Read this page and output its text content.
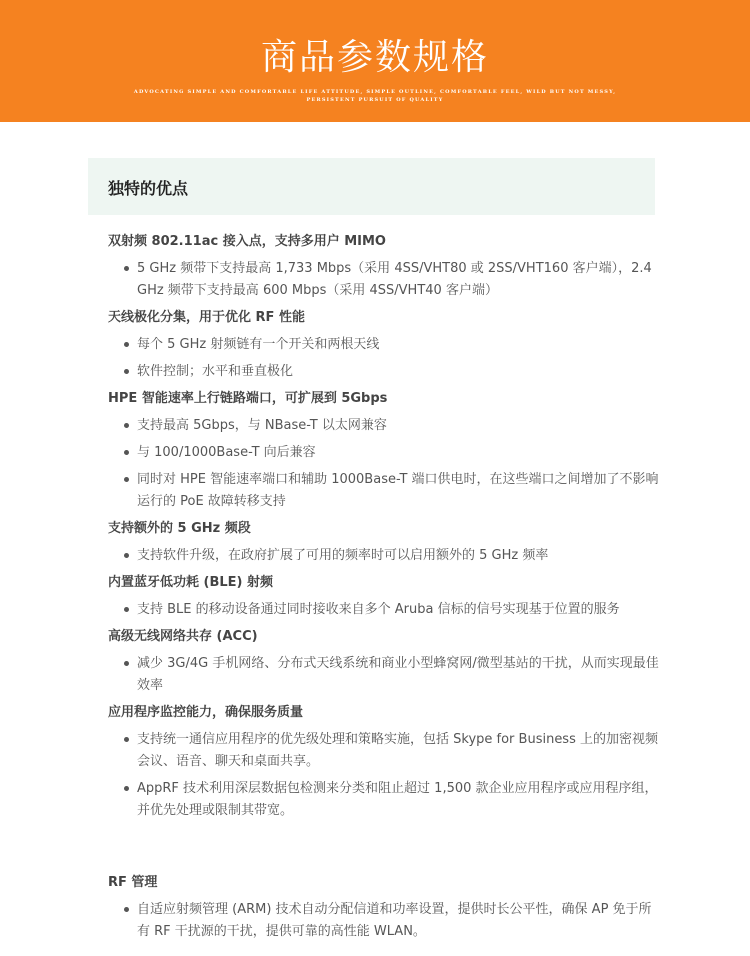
商品参数规格
ADVOCATING SIMPLE AND COMFORTABLE LIFE ATTITUDE, SIMPLE OUTLINE, COMFORTABLE FEEL, WILD BUT NOT MESSY, PERSISTENT PURSUIT OF QUALITY
独特的优点
双射频 802.11ac 接入点，支持多用户 MIMO
5 GHz 频带下支持最高 1,733 Mbps（采用 4SS/VHT80 或 2SS/VHT160 客户端），2.4 GHz 频带下支持最高 600 Mbps（采用 4SS/VHT40 客户端）
天线极化分集，用于优化 RF 性能
每个 5 GHz 射频链有一个开关和两根天线
软件控制；水平和垂直极化
HPE 智能速率上行链路端口，可扩展到 5Gbps
支持最高 5Gbps，与 NBase-T 以太网兼容
与 100/1000Base-T 向后兼容
同时对 HPE 智能速率端口和辅助 1000Base-T 端口供电时，在这些端口之间增加了不影响运行的 PoE 故障转移支持
支持额外的 5 GHz 频段
支持软件升级，在政府扩展了可用的频率时可以启用额外的 5 GHz 频率
内置蓝牙低功耗 (BLE) 射频
支持 BLE 的移动设备通过同时接收来自多个 Aruba 信标的信号实现基于位置的服务
高级无线网络共存 (ACC)
减少 3G/4G 手机网络、分布式天线系统和商业小型蜂窝网/微型基站的干扰，从而实现最佳效率
应用程序监控能力，确保服务质量
支持统一通信应用程序的优先级处理和策略实施，包括 Skype for Business 上的加密视频会议、语音、聊天和桌面共享。
AppRF 技术利用深层数据包检测来分类和阻止超过 1,500 款企业应用程序或应用程序组，并优先处理或限制其带宽。
RF 管理
自适应射频管理 (ARM) 技术自动分配信道和功率设置，提供时长公平性，确保 AP 免于所有 RF 干扰源的干扰，提供可靠的高性能 WLAN。
